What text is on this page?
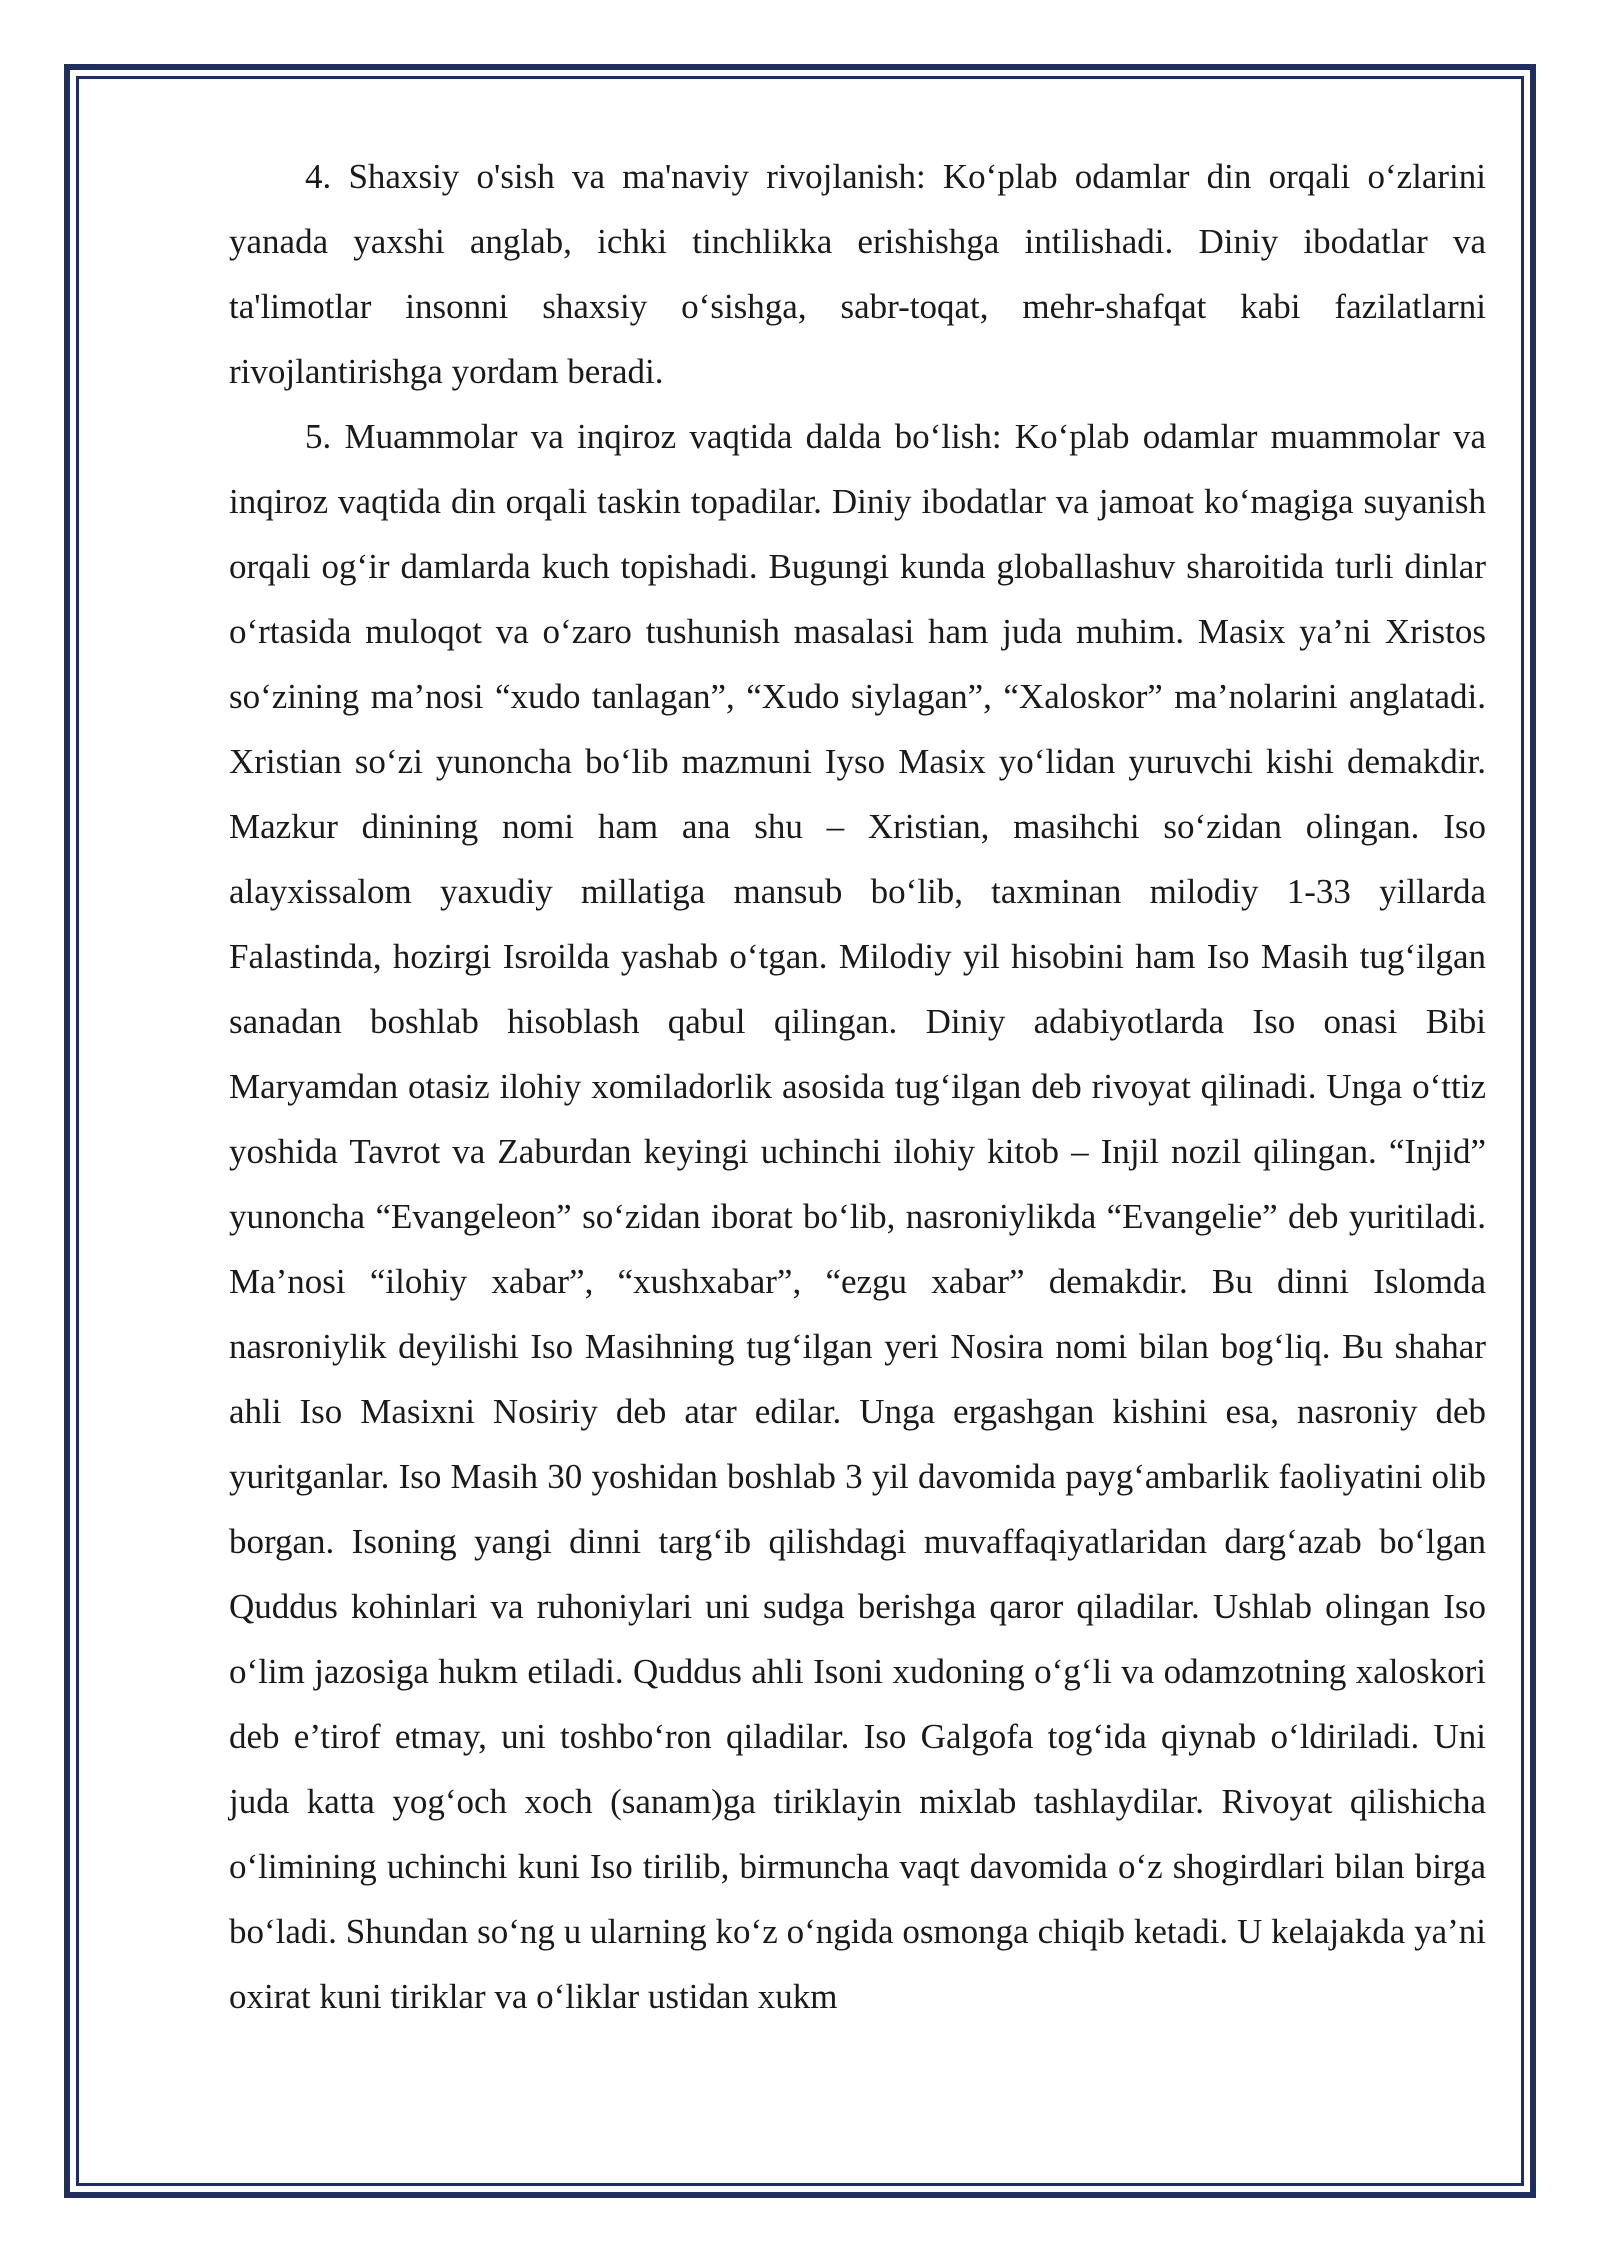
4. Shaxsiy o'sish va ma'naviy rivojlanish: Ko‘plab odamlar din orqali o‘zlarini yanada yaxshi anglab, ichki tinchlikka erishishga intilishadi. Diniy ibodatlar va ta'limotlar insonni shaxsiy o‘sishga, sabr-toqat, mehr-shafqat kabi fazilatlarni rivojlantirishga yordam beradi.

5. Muammolar va inqiroz vaqtida dalda bo‘lish: Ko‘plab odamlar muammolar va inqiroz vaqtida din orqali taskin topadilar. Diniy ibodatlar va jamoat ko‘magiga suyanish orqali og‘ir damlarda kuch topishadi. Bugungi kunda globallashuv sharoitida turli dinlar o‘rtasida muloqot va o‘zaro tushunish masalasi ham juda muhim. Masix ya’ni Xristos so‘zining ma’nosi “xudo tanlagan”, “Xudo siylagan”, “Xaloskor” ma’nolarini anglatadi. Xristian so‘zi yunoncha bo‘lib mazmuni Iyso Masix yo‘lidan yuruvchi kishi demakdir. Mazkur dinining nomi ham ana shu – Xristian, masihchi so‘zidan olingan. Iso alayxissalom yaxudiy millatiga mansub bo‘lib, taxminan milodiy 1-33 yillarda Falastinda, hozirgi Isroilda yashab o‘tgan. Milodiy yil hisobini ham Iso Masih tug‘ilgan sanadan boshlab hisoblash qabul qilingan. Diniy adabiyotlarda Iso onasi Bibi Maryamdan otasiz ilohiy xomiladorlik asosida tug‘ilgan deb rivoyat qilinadi. Unga o‘ttiz yoshida Tavrot va Zaburdan keyingi uchinchi ilohiy kitob – Injil nozil qilingan. “Injid” yunoncha “Evangeleon” so‘zidan iborat bo‘lib, nasroniylikda “Evangelie” deb yuritiladi. Ma’nosi “ilohiy xabar”, “xushxabar”, “ezgu xabar” demakdir. Bu dinni Islomda nasroniylik deyilishi Iso Masihning tug‘ilgan yeri Nosira nomi bilan bog‘liq. Bu shahar ahli Iso Masixni Nosiriy deb atar edilar. Unga ergashgan kishini esa, nasroniy deb yuritganlar. Iso Masih 30 yoshidan boshlab 3 yil davomida payg‘ambarlik faoliyatini olib borgan. Isoning yangi dinni targ‘ib qilishdagi muvaffaqiyatlaridan darg‘azab bo‘lgan Quddus kohinlari va ruhoniylari uni sudga berishga qaror qiladilar. Ushlab olingan Iso o‘lim jazosiga hukm etiladi. Quddus ahli Isoni xudoning o‘g‘li va odamzotning xaloskori deb e’tirof etmay, uni toshbo‘ron qiladilar. Iso Galgofa tog‘ida qiynab o‘ldiriladi. Uni juda katta yog‘och xoch (sanam)ga tiriklayin mixlab tashlaydilar. Rivoyat qilishicha o‘limining uchinchi kuni Iso tirilib, birmuncha vaqt davomida o‘z shogirdlari bilan birga bo‘ladi. Shundan so‘ng u ularning ko‘z o‘ngida osmonga chiqib ketadi. U kelajakda ya’ni oxirat kuni tiriklar va o‘liklar ustidan xukm
